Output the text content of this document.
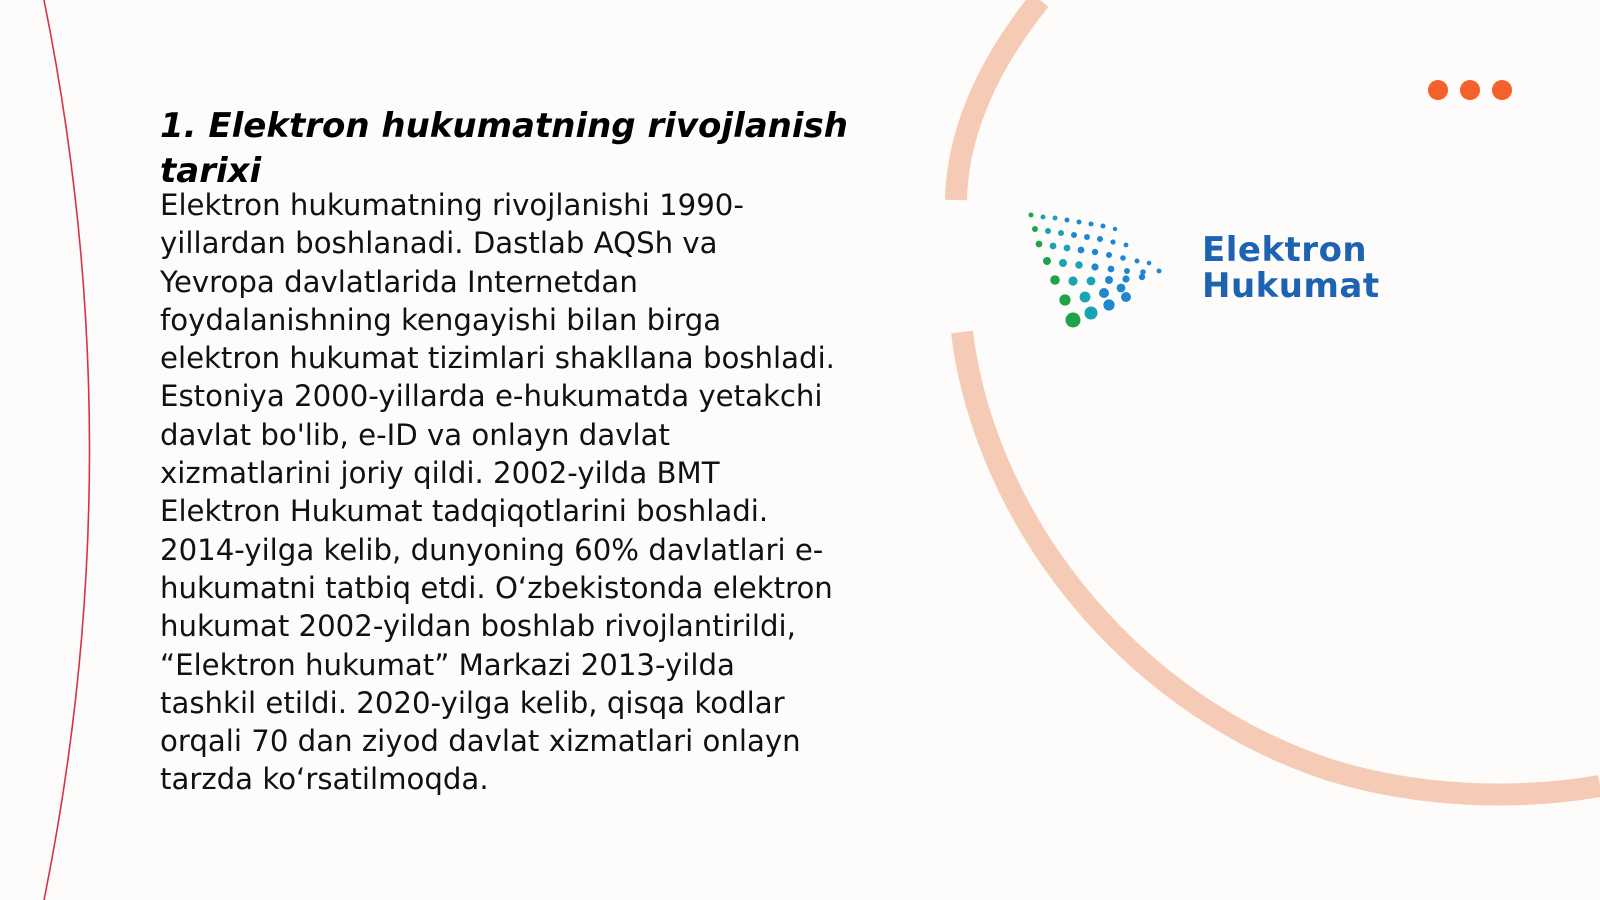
1. Elektron hukumatning rivojlanish tarixi

Elektron hukumatning rivojlanishi 1990-yillardan boshlanadi. Dastlab AQSh va Yevropa davlatlarida Internetdan foydalanishning kengayishi bilan birga elektron hukumat tizimlari shakllana boshladi. Estoniya 2000-yillarda e-hukumatda yetakchi davlat bo'lib, e-ID va onlayn davlat xizmatlarini joriy qildi. 2002-yilda BMT Elektron Hukumat tadqiqotlarini boshladi. 2014-yilga kelib, dunyoning 60% davlatlari e-hukumatni tatbiq etdi. O‘zbekistonda elektron hukumat 2002-yildan boshlab rivojlantirildi, “Elektron hukumat” Markazi 2013-yilda tashkil etildi. 2020-yilga kelib, qisqa kodlar orqali 70 dan ziyod davlat xizmatlari onlayn tarzda ko‘rsatilmoqda.

Elektron
Hukumat
